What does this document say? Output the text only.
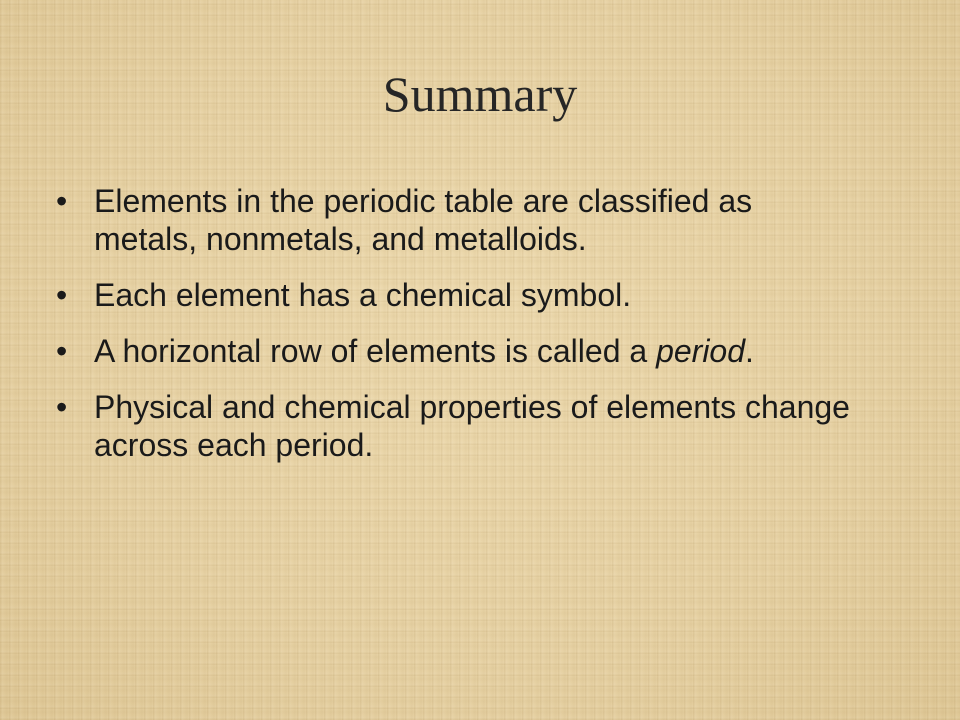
Summary
• Elements in the periodic table are classified as metals, nonmetals, and metalloids.
• Each element has a chemical symbol.
• A horizontal row of elements is called a period.
• Physical and chemical properties of elements change across each period.
